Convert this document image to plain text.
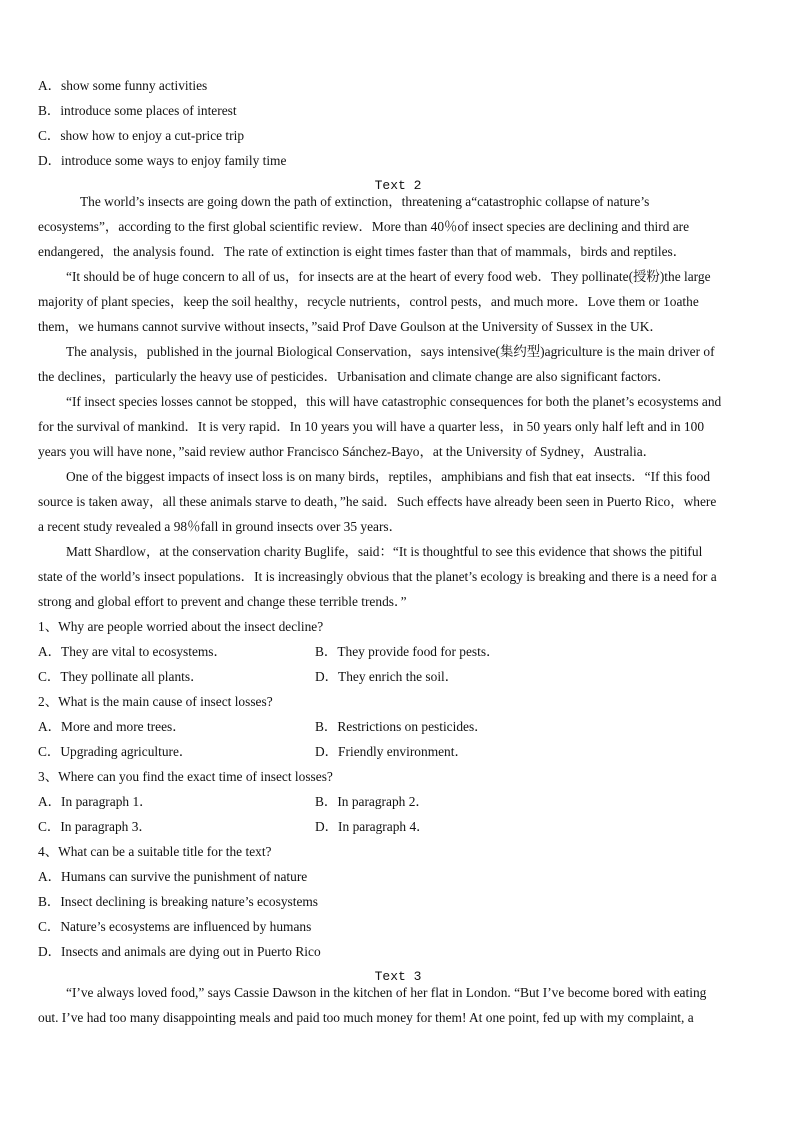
A．show some funny activities
B．introduce some places of interest
C．show how to enjoy a cut-price trip
D．introduce some ways to enjoy family time
Text 2
The world’s insects are going down the path of extinction，threatening a“catastrophic collapse of nature’s
ecosystems”，according to the first global scientific review．More than 40％of insect species are declining and third are
endangered，the analysis found．The rate of extinction is eight times faster than that of mammals，birds and reptiles．
“It should be of huge concern to all of us，for insects are at the heart of every food web．They pollinate(授粉)the large
majority of plant species，keep the soil healthy，recycle nutrients，control pests，and much more．Love them or 1oathe
them，we humans cannot survive without insects，”said Prof Dave Goulson at the University of Sussex in the UK．
The analysis，published in the journal Biological Conservation，says intensive(集约型)agriculture is the main driver of
the declines，particularly the heavy use of pesticides．Urbanisation and climate change are also significant factors．
“If insect species losses cannot be stopped，this will have catastrophic consequences for both the planet’s ecosystems and
for the survival of mankind．It is very rapid．In 10 years you will have a quarter less，in 50 years only half left and in 100
years you will have none，”said review author Francisco Sánchez-Bayo，at the University of Sydney，Australia．
One of the biggest impacts of insect loss is on many birds，reptiles，amphibians and fish that eat insects．“If this food
source is taken away，all these animals starve to death，”he said．Such effects have already been seen in Puerto Rico，where
a recent study revealed a 98％fall in ground insects over 35 years．
Matt Shardlow，at the conservation charity Buglife，said：“It is thoughtful to see this evidence that shows the pitiful
state of the world’s insect populations．It is increasingly obvious that the planet’s ecology is breaking and there is a need for a
strong and global effort to prevent and change these terrible trends．”
1、Why are people worried about the insect decline?
A．They are vital to ecosystems．	B．They provide food for pests．
C．They pollinate all plants．	D．They enrich the soil．
2、What is the main cause of insect losses?
A．More and more trees．	B．Restrictions on pesticides．
C．Upgrading agriculture．	D．Friendly environment．
3、Where can you find the exact time of insect losses?
A．In paragraph 1．	B．In paragraph 2．
C．In paragraph 3．	D．In paragraph 4．
4、What can be a suitable title for the text?
A．Humans can survive the punishment of nature
B．Insect declining is breaking nature’s ecosystems
C．Nature’s ecosystems are influenced by humans
D．Insects and animals are dying out in Puerto Rico
Text 3
“I’ve always loved food,” says Cassie Dawson in the kitchen of her flat in London. “But I’ve become bored with eating
out. I’ve had too many disappointing meals and paid too much money for them! At one point, fed up with my complaint, a
